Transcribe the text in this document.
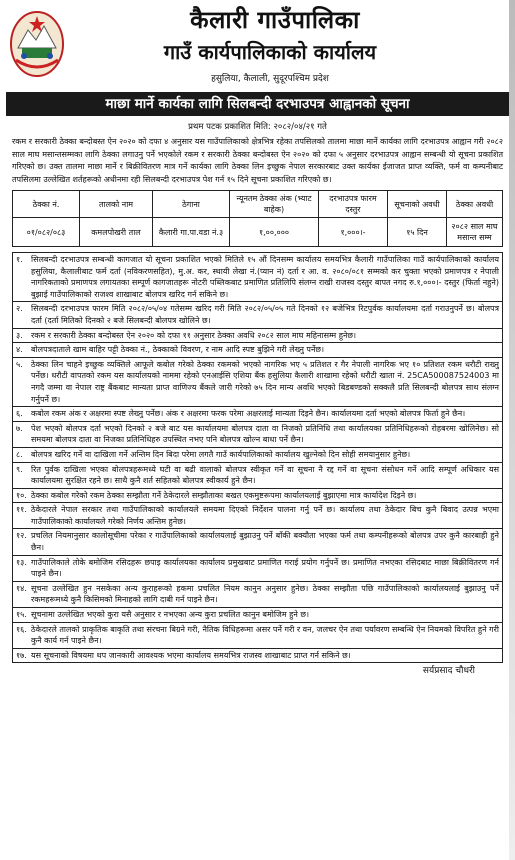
कैलारी गाउँपालिका
गाउँ कार्यपालिकाको कार्यालय
हसुलिया, कैलाली, सुदूरपश्चिम प्रदेश
माछा मार्ने कार्यका लागि सिलबन्दी दरभाउपत्र आह्वानको सूचना
प्रथम पटक प्रकाशित मिति: २०८२/०४/२१ गते
रकम र सरकारी ठेक्का बन्दोबस्त ऐन २०२० को दफा ४ अनुसार यस गाउँपालिकाको क्षेत्रभित्र रहेका तपसिलको तालमा माछा मार्ने कार्यका लागि दरभाउपत्र आह्वान गरी २०८२ साल माघ मसान्तसम्मका लागि ठेक्का लगाउनु पर्ने भएकोले रकम र सरकारी ठेक्का बन्दोबस्त ऐन २०२० को दफा ५ अनुसार दरभाउपत्र आह्वान सम्बन्धी यो सूचना प्रकाशित गरिएको छ। उक्त तालमा माछा मार्ने र बिक्रीवितरण मात्र गर्ने कार्यका लागि ठेक्का लिन इच्छुक नेपाल सरकारबाट उक्त कार्यका ईजाजत प्राप्त व्यक्ति, फर्म वा कम्पनीबाट तपसिलमा उल्लेखित शर्तहरूको अधीनमा रही सिलबन्दी दरभाउपत्र पेश गर्न १५ दिने सूचना प्रकाशित गरिएको छ।
ठेक्का नं.	तालको नाम	ठेगाना	न्यूनतम ठेक्का अंक (भ्याट बाहेक)	दरभाउपत्र फारम दस्तुर	सूचनाको अवधी	ठेक्का अवधी
०१/०८२/०८३	कमलपोखरी ताल	कैलारी गा.पा.वडा नं.३	१,००,०००	१,०००।-	१५ दिन	२०८२ साल माघ मसान्त सम्म
१. सिलबन्दी दरभाउपत्र सम्बन्धी कागजात यो सूचना प्रकाशित भएको मितिले १५ औं दिनसम्म कार्यालय समयभित्र कैलारी गाउँपालिका गाउँ कार्यपालिकाको कार्यालय हसुलिया, कैलालीबाट फर्म दर्ता (नविकरणसहित), मु.अ. कर, स्थायी लेखा नं.(प्यान नं) दर्ता र आ. व. २०८०/०८१ सम्मको कर चुक्ता भएको प्रमाणपत्र र नेपाली नागरिकताको प्रमाणपत्र लगायतका सम्पूर्ण कागजातहरू नोटरी पब्लिकबाट प्रमाणित प्रतिलिपि संलग्न राखी राजस्व दस्तुर बापत नगद रु.१,०००।- दस्तुर (फिर्ता नहुने) बुझाई गाउँपालिकाको राजश्व शाखाबाट बोलपत्र खरिद गर्न सकिने छ।
२. सिलबन्दी दरभाउपत्र फारम मिति २०८२/०५/०४ गतेसम्म खरिद गरी मिति २०८२/०५/०५ गते दिनको १२ बजेभित्र रिटपुर्वक कार्यालयमा दर्ता गराउनुपर्ने छ। बोलपत्र दर्ता (दर्ता मितिको दिनको २ बजे सिलबन्दी बोलपत्र खोलिने छ।
३. रकम र सरकारी ठेक्का बन्दोबस्त ऐन २०२० को दफा ११ अनुसार ठेक्का अवधि २०८२ साल माघ महिनासम्म हुनेछ।
४. बोलपत्रदाताले खाम बाहिर पट्टी ठेक्का नं., ठेक्काको विवरण, र नाम आदि स्पष्ट बुझिने गरी लेख्नु पर्नेछ।
५. ठेक्का लिन चाहने इच्छुक व्यक्तिले आफूले कबोल गरेको ठेक्का रकमको भएको नागरिक भए ५ प्रतिशत र गैर नेपाली नागरिक भए १० प्रतिशत रकम धरौटी राख्नु पर्नेछ। धरौटी वापतको रकम यस कार्यालयको नाममा रहेको एनआईसि एशिया बैंक हसुलिया कैलारी शाखामा रहेको धरौटी खाता नं. 25CA500087524003 मा नगदै जम्मा वा नेपाल राष्ट्र बैंकबाट मान्यता प्राप्त वाणिज्य बैंकले जारी गरेको ७५ दिन मान्य अवधि भएको बिडबण्डको सक्कलै प्रति सिलबन्दी बोलपत्र साथ संलग्न गर्नुपर्ने छ।
६. कबोल रकम अंक र अक्षरमा स्पष्ट लेख्नु पर्नेछ। अंक र अक्षरमा फरक परेमा अक्षरलाई मान्यता दिइने छैन। कार्यालयमा दर्ता भएको बोलपत्र फिर्ता हुने छैन।
७. पेश भएको बोलपत्र दर्ता भएको दिनको २ बजे बाट यस कार्यालयमा बोलपत्र दाता वा निजको प्रतिनिधि तथा कार्यालयका प्रतिनिधिहरूको रोहबरमा खोलिनेछ। सो समयमा बोलपत्र दाता वा निजका प्रतिनिधिहरु उपस्थित नभए पनि बोलपत्र खोल्न बाधा पर्ने छैन।
८. बोलपत्र खरिद गर्ने वा दाखिला गर्ने अन्तिम दिन बिदा परेमा लगतै गाउँ कार्यपालिकाको कार्यालय खुल्नेको दिन सोही समयानुसार हुनेछ।
९. रित पुर्वक दाखिला भएका बोलपत्रहरूमध्ये घटी वा बढी वालाको बोलपत्र स्वीकृत गर्ने वा सूचना नै रद्द गर्ने वा सूचना संसोधन गर्ने आदि सम्पूर्ण अधिकार यस कार्यालयमा सुरक्षित रहने छ। साथै कुनै शर्त सहितको बोलपत्र स्वीकार्य हुने छैन।
१०. ठेक्का कबोल गरेको रकम ठेक्का सम्झौता गर्ने ठेकेदारले सम्झौताका बखत एकमुष्टरूपमा कार्यालयलाई बुझाएमा मात्र कार्यादेश दिइने छ।
११. ठेकेदारले नेपाल सरकार तथा गाउँपालिकाको कार्यालयले समयमा दिएको निर्देशन पालना गर्नु पर्ने छ। कार्यालय तथा ठेकेदार बिच कुनै बिवाद उत्पन्न भएमा गाउँपालिकाको कार्यालयले गरेको निर्णय अन्तिम हुनेछ।
१२. प्रचलित नियमानुसार कालोसूचीमा परेका र गाउँपालिकाको कार्यालयलाई बुझाउनु पर्ने बाँकी बक्यौता भएका फर्म तथा कम्पनीहरूको बोलपत्र उपर कुनै कारबाही हुने छैन।
१३. गाउँपालिकाले तोके बमोजिम रसिदहरू छपाइ कार्यालयका कार्यालय प्रमुखबाट प्रमाणित गराई प्रयोग गर्नुपर्ने छ। प्रमाणित नभएका रसिदबाट माछा बिक्रीवितरण गर्न पाइने छैन।
१४. सूचना उल्लेखित हुन नसकेका अन्य कुराहरूको हकमा प्रचलित नियम कानुन अनुसार हुनेछ। ठेक्का सम्झौता पछि गाउँपालिकाको कार्यालयलाई बुझाउनु पर्ने रकमहरूमध्ये कुनै किसिमको मिनाहको लागि दाबी गर्न पाइने छैन।
१५. सूचनामा उल्लेखित भएको कुरा यसै अनुसार र नभएका अन्य कुरा प्रचलित कानुन बमोजिम हुने छ।
१६. ठेकेदारले तालको प्राकृतिक बाकृति तथा संरचना बिग्रने गरी, नैतिक विधिहरूमा असर पर्ने गरी र वन, जलचर ऐन तथा पर्यावरण सम्बन्धि ऐन नियमको विपरित हुने गरी कुनै कार्य गर्न पाइने छैन।
१७. यस सूचनाको विषयमा थप जानकारी आवश्यक भएमा कार्यालय समयभित्र राजस्व शाखाबाट प्राप्त गर्न सकिने छ।
सर्यप्रसाद चौधरी
